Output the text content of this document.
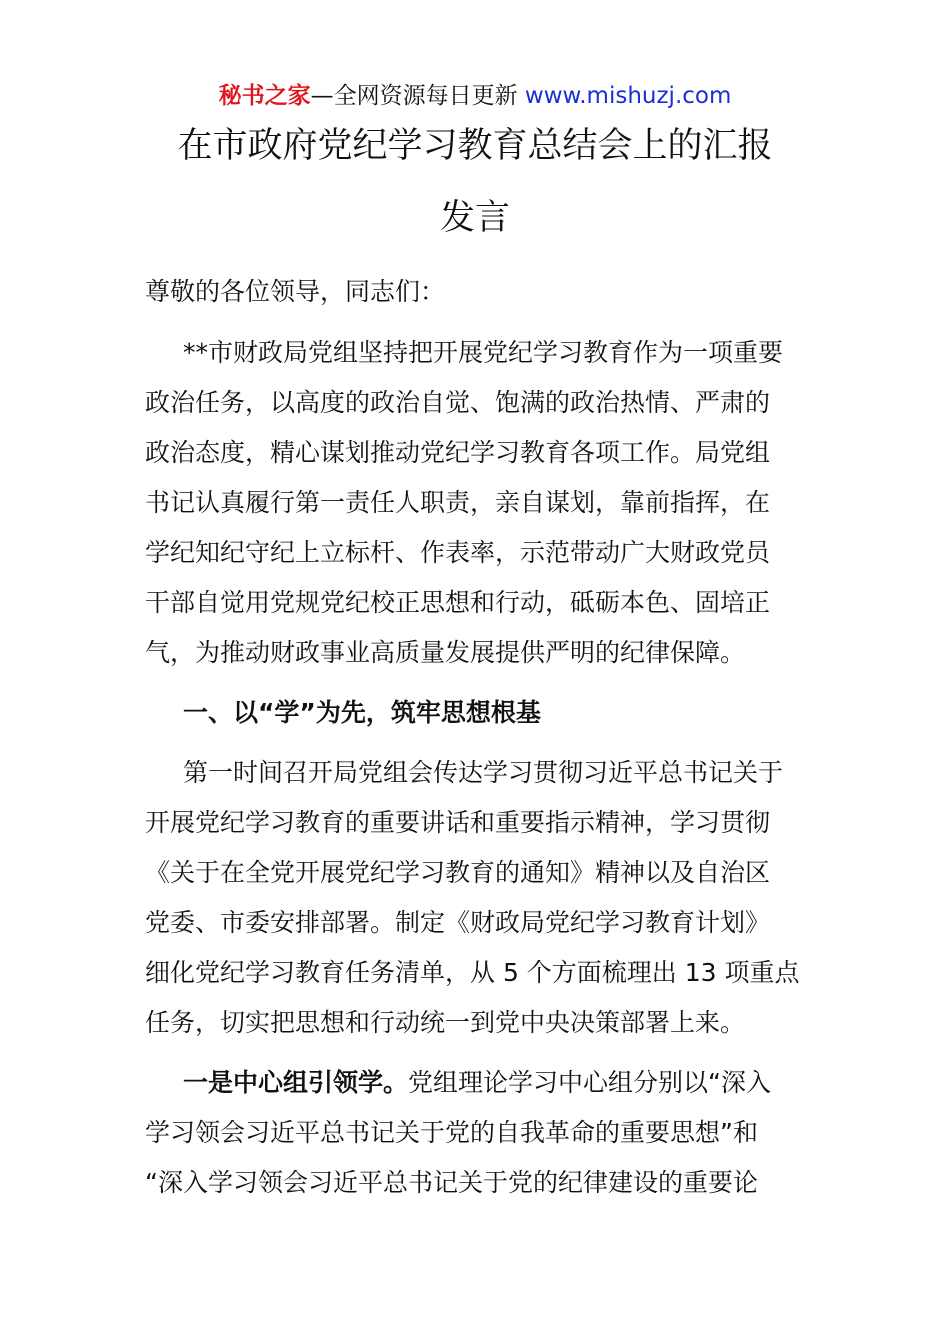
秘书之家—全网资源每日更新 www.mishuzj.com
在市政府党纪学习教育总结会上的汇报
发言
尊敬的各位领导，同志们：
**市财政局党组坚持把开展党纪学习教育作为一项重要
政治任务，以高度的政治自觉、饱满的政治热情、严肃的
政治态度，精心谋划推动党纪学习教育各项工作。局党组
书记认真履行第一责任人职责，亲自谋划，靠前指挥，在
学纪知纪守纪上立标杆、作表率，示范带动广大财政党员
干部自觉用党规党纪校正思想和行动，砥砺本色、固培正
气，为推动财政事业高质量发展提供严明的纪律保障。
一、以“学”为先，筑牢思想根基
第一时间召开局党组会传达学习贯彻习近平总书记关于
开展党纪学习教育的重要讲话和重要指示精神，学习贯彻
《关于在全党开展党纪学习教育的通知》精神以及自治区
党委、市委安排部署。制定《财政局党纪学习教育计划》
细化党纪学习教育任务清单，从 5 个方面梳理出 13 项重点
任务，切实把思想和行动统一到党中央决策部署上来。
一是中心组引领学。党组理论学习中心组分别以“深入
学习领会习近平总书记关于党的自我革命的重要思想”和
“深入学习领会习近平总书记关于党的纪律建设的重要论
